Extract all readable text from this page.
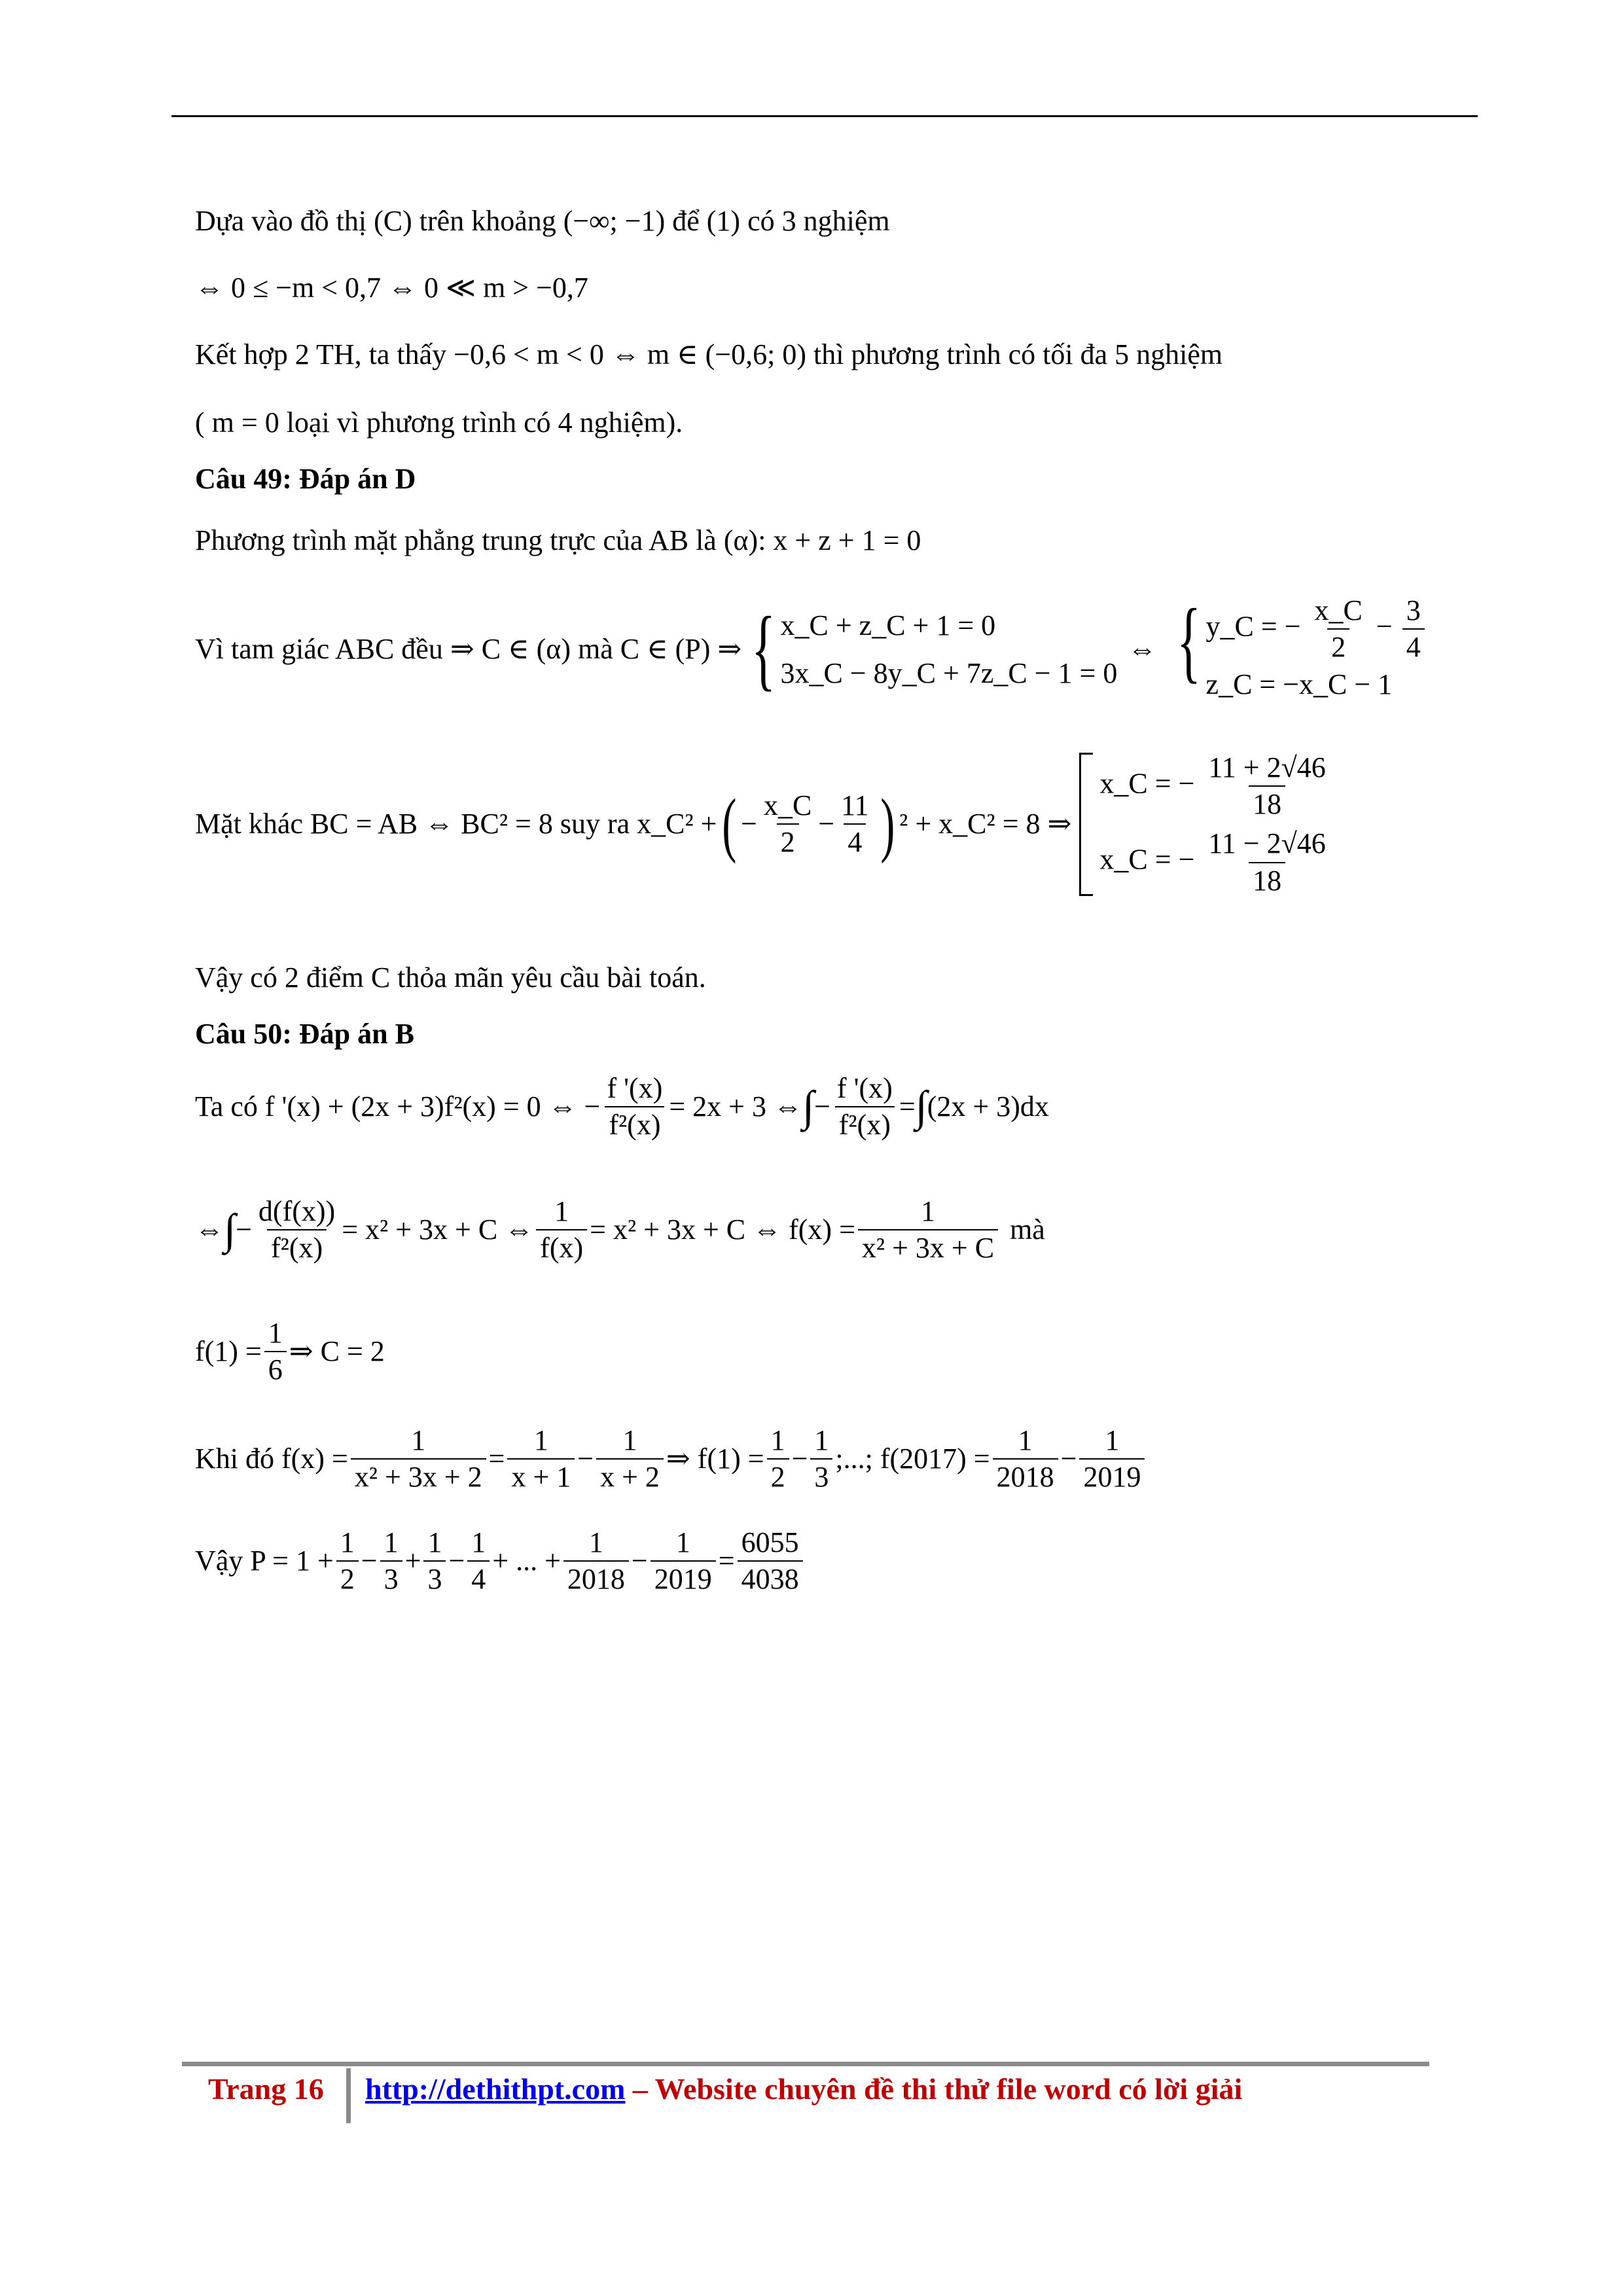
Dựa vào đồ thị (C) trên khoảng (−∞; −1) để (1) có 3 nghiệm
⇔ 0 ≤ −m < 0,7 ⇔ 0 ≪ m > −0,7
Kết hợp 2 TH, ta thấy −0,6 < m < 0 ⇔ m ∈ (−0,6; 0) thì phương trình có tối đa 5 nghiệm
( m = 0 loại vì phương trình có 4 nghiệm).
Câu 49: Đáp án D
Phương trình mặt phẳng trung trực của AB là (α): x + z + 1 = 0
Vì tam giác ABC đều ⇒ C ∈ (α) mà C ∈ (P) ⇒ { x_C + z_C + 1 = 0
3x_C − 8y_C + 7z_C − 1 = 0
⇔ { y_C = − $\frac{x\_C}{2} - \frac{3}{4}$
z_C = −x_C − 1
Mặt khác BC = AB ⇔ BC² = 8 suy ra x_C² + ( − $\frac{x\_C}{2} - \frac{11}{4}$ ) ² + x_C² = 8 ⇒
x_C = − $\frac{11 + 2√46}{18}$
x_C = − $\frac{11 - 2√46}{18}$
Vậy có 2 điểm C thỏa mãn yêu cầu bài toán.
Câu 50: Đáp án B
Ta có f '(x) + (2x + 3)f²(x) = 0 ⇔ − $\frac{f '(x)}{\text{f²(x)}} = 2x + 3$ ⇔ ∫ − $\frac{f '(x)}{\text{f²(x)}}$ = ∫ (2x + 3)dx
⇔ ∫ − $\frac{d(f(x))}{\text{f²(x)}} = x^2 + 3x + C$ ⇔ $\frac{1}{f(x)} = x^2 + 3x + C$ ⇔ $f(x) = \frac{1}{\text{x² + 3x + C}}$ mà
$f(1) = \frac{1}{6}$ ⇒ C = 2
Khi đó $f(x) = \frac{1}{\text{x² + 3x + 2}} = \frac{1}{x + 1} - \frac{1}{x + 2}$ ⇒ $f(1) = \frac{1}{2} - \frac{1}{3}$ ;...; $f(2017) = \frac{1}{2018} - \frac{1}{2019}$
Vậy $P = 1 + \frac{1}{2} - \frac{1}{3} + \frac{1}{3} - \frac{1}{4}$ + ... + $\frac{1}{2018} - \frac{1}{2019} = \frac{6055}{4038}$
Trang 16 http://dethithpt.com – Website chuyên đề thi thử file word có lời giải
